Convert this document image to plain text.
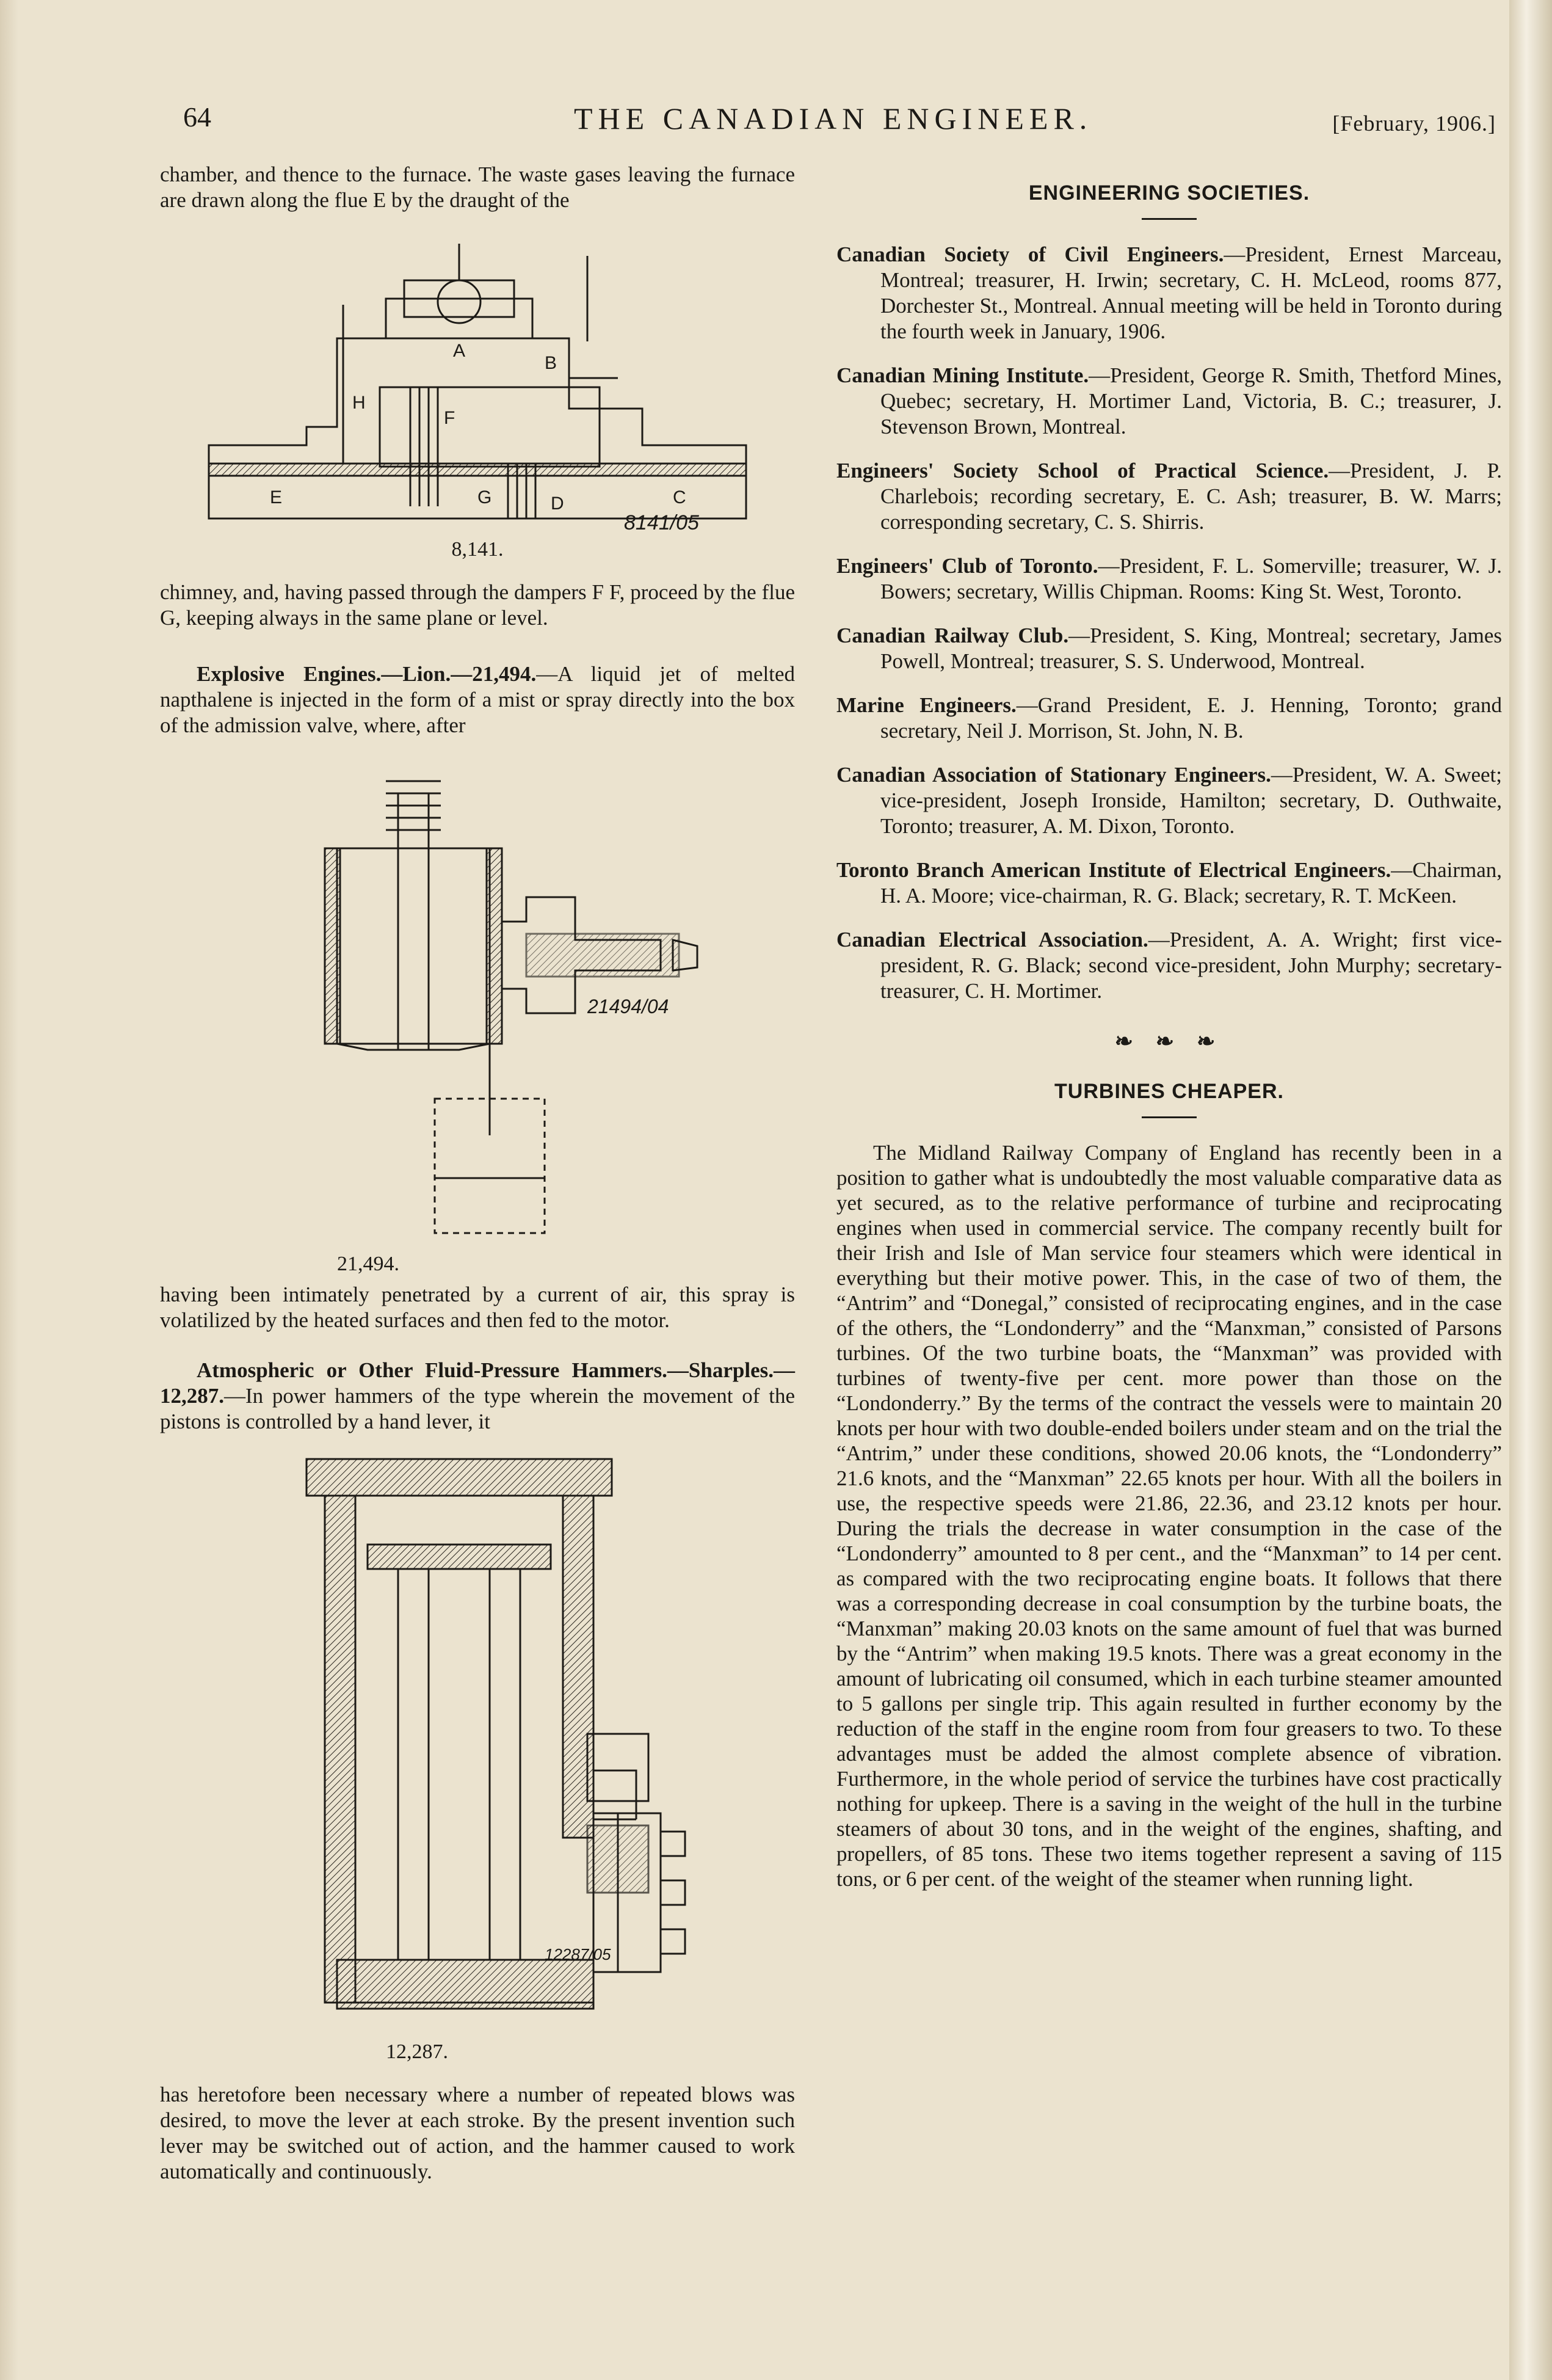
64	THE CANADIAN ENGINEER.	[February, 1906.]

chamber, and thence to the furnace. The waste gases leaving the furnace are drawn along the flue E by the draught of the

A
B
H
F
E	G	D	C
8141/05
8,141.

chimney, and, having passed through the dampers F F, proceed by the flue G, keeping always in the same plane or level.

Explosive Engines.—Lion.—21,494.—A liquid jet of melted napthalene is injected in the form of a mist or spray directly into the box of the admission valve, where, after

21494/04
21,494.

having been intimately penetrated by a current of air, this spray is volatilized by the heated surfaces and then fed to the motor.

Atmospheric or Other Fluid-Pressure Hammers.—Sharples.—12,287.—In power hammers of the type wherein the movement of the pistons is controlled by a hand lever, it

12287/05
12,287.

has heretofore been necessary where a number of repeated blows was desired, to move the lever at each stroke. By the present invention such lever may be switched out of action, and the hammer caused to work automatically and continuously.

ENGINEERING SOCIETIES.

Canadian Society of Civil Engineers.—President, Ernest Marceau, Montreal; treasurer, H. Irwin; secretary, C. H. McLeod, rooms 877, Dorchester St., Montreal. Annual meeting will be held in Toronto during the fourth week in January, 1906.

Canadian Mining Institute.—President, George R. Smith, Thetford Mines, Quebec; secretary, H. Mortimer Land, Victoria, B. C.; treasurer, J. Stevenson Brown, Montreal.

Engineers' Society School of Practical Science.—President, J. P. Charlebois; recording secretary, E. C. Ash; treasurer, B. W. Marrs; corresponding secretary, C. S. Shirris.

Engineers' Club of Toronto.—President, F. L. Somerville; treasurer, W. J. Bowers; secretary, Willis Chipman. Rooms: King St. West, Toronto.

Canadian Railway Club.—President, S. King, Montreal; secretary, James Powell, Montreal; treasurer, S. S. Underwood, Montreal.

Marine Engineers.—Grand President, E. J. Henning, Toronto; grand secretary, Neil J. Morrison, St. John, N. B.

Canadian Association of Stationary Engineers.—President, W. A. Sweet; vice-president, Joseph Ironside, Hamilton; secretary, D. Outhwaite, Toronto; treasurer, A. M. Dixon, Toronto.

Toronto Branch American Institute of Electrical Engineers.—Chairman, H. A. Moore; vice-chairman, R. G. Black; secretary, R. T. McKeen.

Canadian Electrical Association.—President, A. A. Wright; first vice-president, R. G. Black; second vice-president, John Murphy; secretary-treasurer, C. H. Mortimer.

❧ ❧ ❧
TURBINES CHEAPER.

The Midland Railway Company of England has recently been in a position to gather what is undoubtedly the most valuable comparative data as yet secured, as to the relative performance of turbine and reciprocating engines when used in commercial service. The company recently built for their Irish and Isle of Man service four steamers which were identical in everything but their motive power. This, in the case of two of them, the “Antrim” and “Donegal,” consisted of reciprocating engines, and in the case of the others, the “Londonderry” and the “Manxman,” consisted of Parsons turbines. Of the two turbine boats, the “Manxman” was provided with turbines of twenty-five per cent. more power than those on the “Londonderry.” By the terms of the contract the vessels were to maintain 20 knots per hour with two double-ended boilers under steam and on the trial the “Antrim,” under these conditions, showed 20.06 knots, the “Londonderry” 21.6 knots, and the “Manxman” 22.65 knots per hour. With all the boilers in use, the respective speeds were 21.86, 22.36, and 23.12 knots per hour. During the trials the decrease in water consumption in the case of the “Londonderry” amounted to 8 per cent., and the “Manxman” to 14 per cent. as compared with the two reciprocating engine boats. It follows that there was a corresponding decrease in coal consumption by the turbine boats, the “Manxman” making 20.03 knots on the same amount of fuel that was burned by the “Antrim” when making 19.5 knots. There was a great economy in the amount of lubricating oil consumed, which in each turbine steamer amounted to 5 gallons per single trip. This again resulted in further economy by the reduction of the staff in the engine room from four greasers to two. To these advantages must be added the almost complete absence of vibration. Furthermore, in the whole period of service the turbines have cost practically nothing for upkeep. There is a saving in the weight of the hull in the turbine steamers of about 30 tons, and in the weight of the engines, shafting, and propellers, of 85 tons. These two items together represent a saving of 115 tons, or 6 per cent. of the weight of the steamer when running light.
